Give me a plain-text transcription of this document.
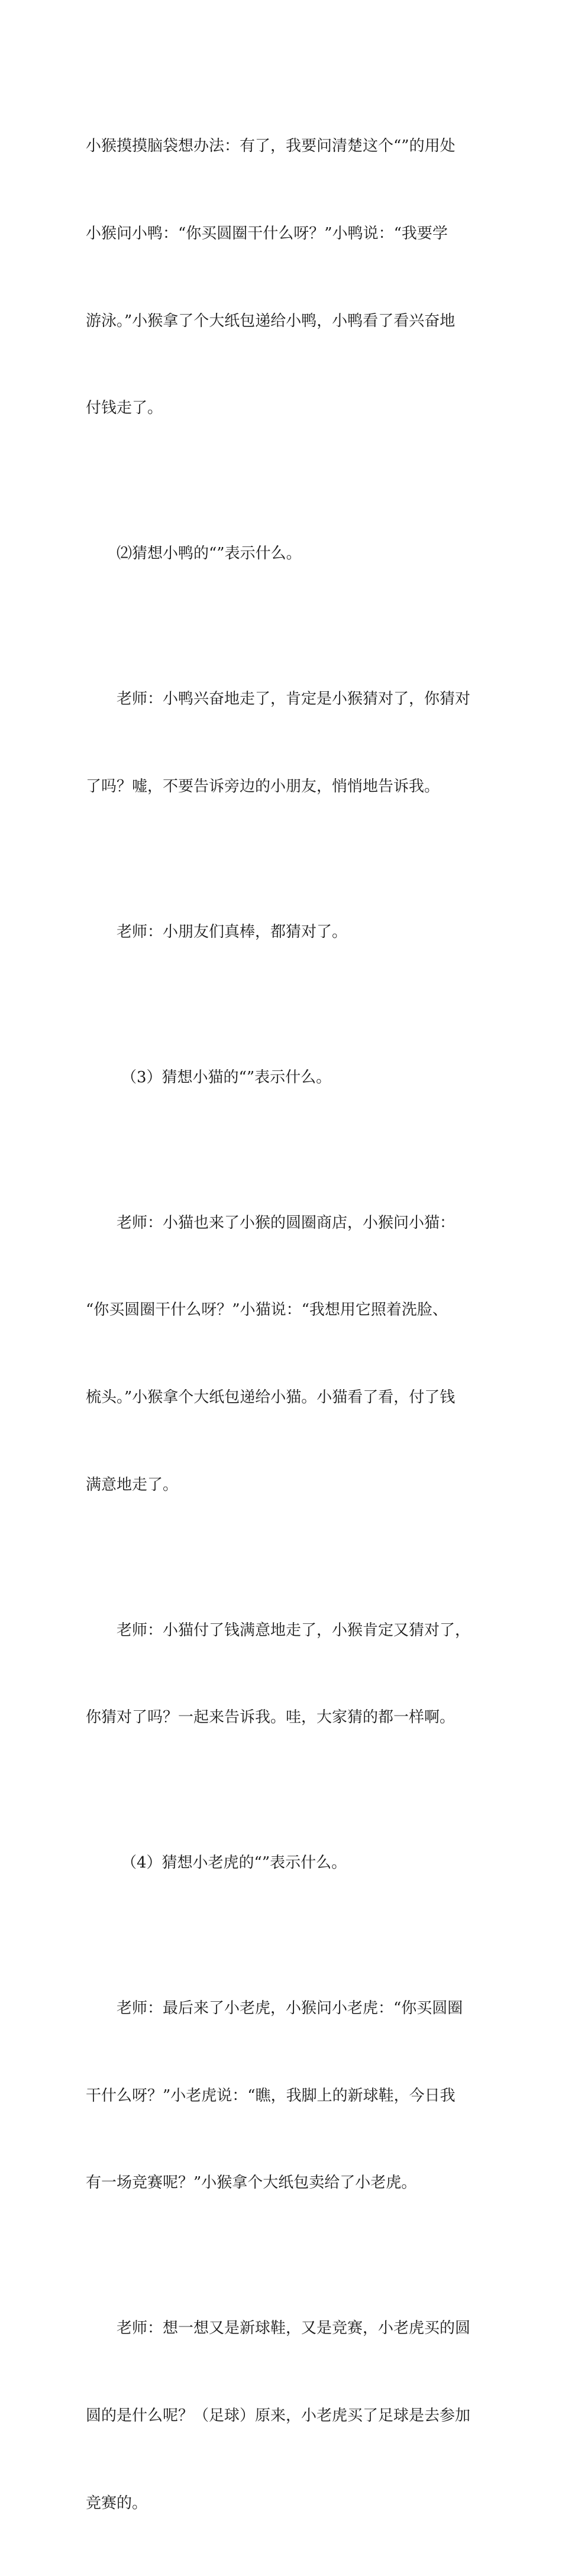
小猴摸摸脑袋想办法：有了，我要问清楚这个“”的用处

小猴问小鸭：“你买圆圈干什么呀？”小鸭说：“我要学

游泳。”小猴拿了个大纸包递给小鸭，小鸭看了看兴奋地

付钱走了。

⑵猜想小鸭的“”表示什么。

老师：小鸭兴奋地走了，肯定是小猴猜对了，你猜对

了吗？嘘，不要告诉旁边的小朋友，悄悄地告诉我。

老师：小朋友们真棒，都猜对了。

（3）猜想小猫的“”表示什么。

老师：小猫也来了小猴的圆圈商店，小猴问小猫：

“你买圆圈干什么呀？”小猫说：“我想用它照着洗脸、

梳头。”小猴拿个大纸包递给小猫。小猫看了看，付了钱

满意地走了。

老师：小猫付了钱满意地走了，小猴肯定又猜对了，

你猜对了吗？一起来告诉我。哇，大家猜的都一样啊。

（4）猜想小老虎的“”表示什么。

老师：最后来了小老虎，小猴问小老虎：“你买圆圈

干什么呀？”小老虎说：“瞧，我脚上的新球鞋，今日我

有一场竞赛呢？”小猴拿个大纸包卖给了小老虎。

老师：想一想又是新球鞋，又是竞赛，小老虎买的圆

圆的是什么呢？（足球）原来，小老虎买了足球是去参加

竞赛的。
